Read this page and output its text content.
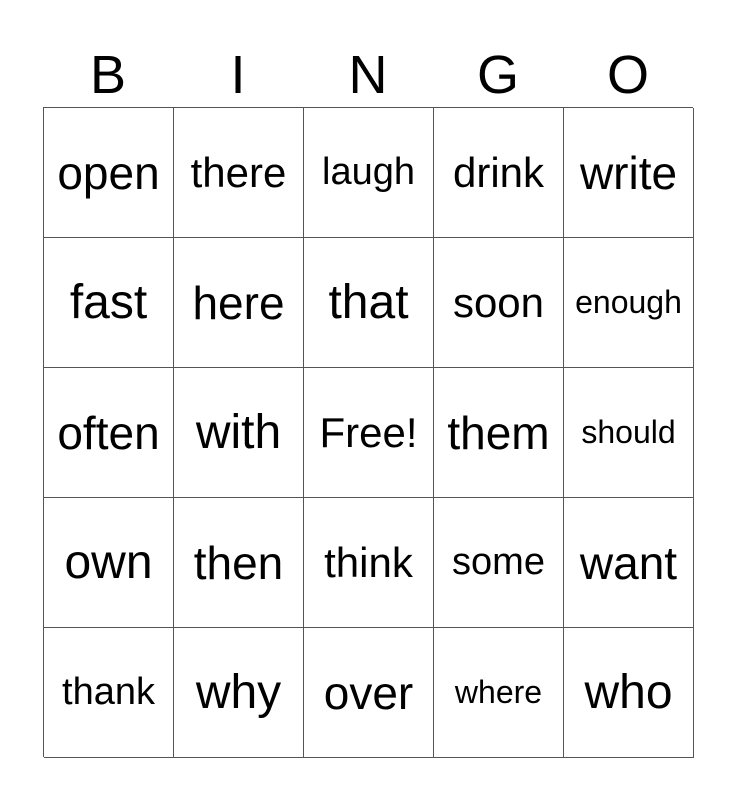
B	I	N	G	O
open there laugh drink write
fast here that soon enough
often with Free! them should
own then think some want
thank why over where who
